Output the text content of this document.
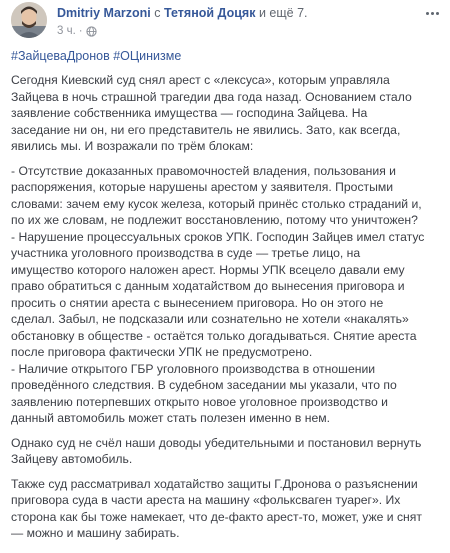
Dmitriy Marzoni с Тетяной Доцяк и ещё 7.
3 ч. ·
#ЗайцеваДронов #ОЦинизме

Сегодня Киевский суд снял арест с «лексуса», которым управляла
Зайцева в ночь страшной трагедии два года назад. Основанием стало
заявление собственника имущества — господина Зайцева. На
заседание ни он, ни его представитель не явились. Зато, как всегда,
явились мы. И возражали по трём блокам:

- Отсутствие доказанных правомочностей владения, пользования и
распоряжения, которые нарушены арестом у заявителя. Простыми
словами: зачем ему кусок железа, который принёс столько страданий и,
по их же словам, не подлежит восстановлению, потому что уничтожен?
- Нарушение процессуальных сроков УПК. Господин Зайцев имел статус
участника уголовного производства в суде — третье лицо, на
имущество которого наложен арест. Нормы УПК всецело давали ему
право обратиться с данным ходатайством до вынесения приговора и
просить о снятии ареста с вынесением приговора. Но он этого не
сделал. Забыл, не подсказали или сознательно не хотели «накалять»
обстановку в обществе - остаётся только догадываться. Снятие ареста
после приговора фактически УПК не предусмотрено.
- Наличие открытого ГБР уголовного производства в отношении
проведённого следствия. В судебном заседании мы указали, что по
заявлению потерпевших открыто новое уголовное производство и
данный автомобиль может стать полезен именно в нем.

Однако суд не счёл наши доводы убедительными и постановил вернуть
Зайцеву автомобиль.

Также суд рассматривал ходатайство защиты Г.Дронова о разъяснении
приговора суда в части ареста на машину «фольксваген туарег». Их
сторона как бы тоже намекает, что де-факто арест-то, может, уже и снят
— можно и машину забирать.
